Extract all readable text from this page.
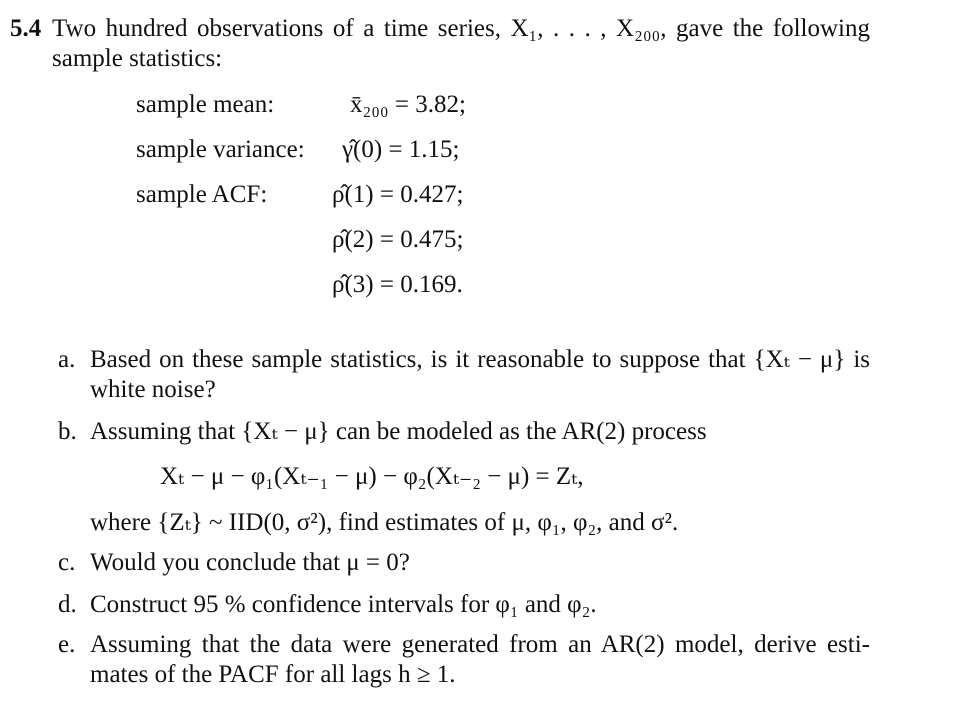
5.4 Two hundred observations of a time series, X₁, . . . , X₂₀₀, gave the following
sample statistics:
sample mean:	x̄₂₀₀ = 3.82;
sample variance: γ̂(0) = 1.15;
sample ACF:	ρ̂(1) = 0.427;
ρ̂(2) = 0.475;
ρ̂(3) = 0.169.
a. Based on these sample statistics, is it reasonable to suppose that {Xₜ − μ} is
white noise?
b. Assuming that {Xₜ − μ} can be modeled as the AR(2) process
Xₜ − μ − φ₁(Xₜ₋₁ − μ) − φ₂(Xₜ₋₂ − μ) = Zₜ,
where {Zₜ} ~ IID(0, σ²), find estimates of μ, φ₁, φ₂, and σ².
c. Would you conclude that μ = 0?
d. Construct 95 % confidence intervals for φ₁ and φ₂.
e. Assuming that the data were generated from an AR(2) model, derive esti-
mates of the PACF for all lags h ≥ 1.
